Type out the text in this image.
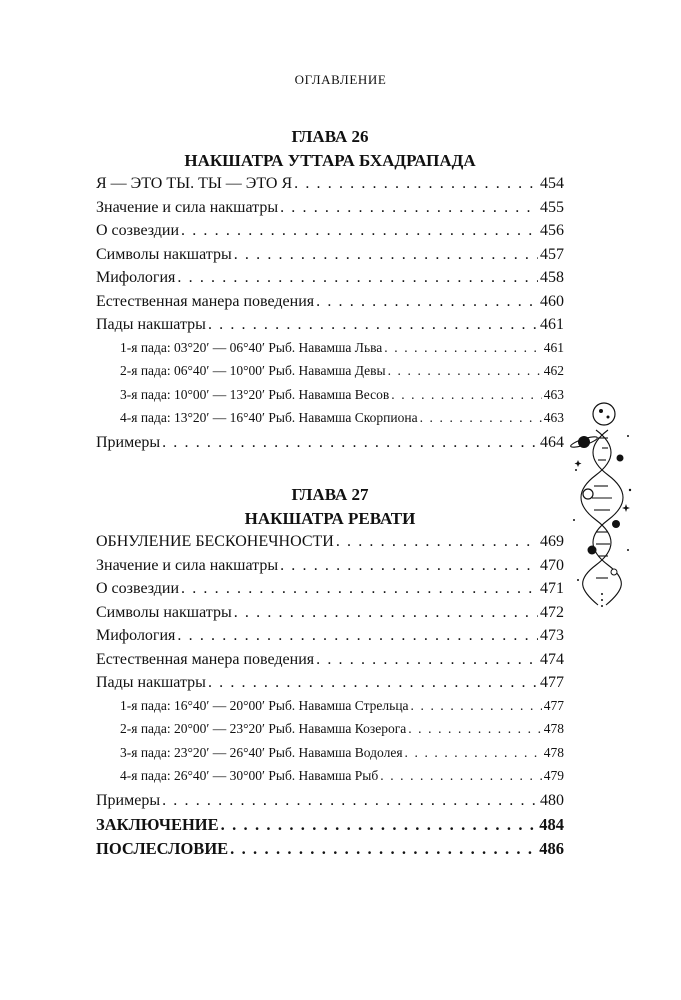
ОГЛАВЛЕНИЕ
ГЛАВА 26
НАКШАТРА УТТАРА БХАДРАПАДА
Я — ЭТО ТЫ. ТЫ — ЭТО Я . . .	454
Значение и сила накшатры . . .	455
О созвездии . . .	456
Символы накшатры . . .	457
Мифология . . .	458
Естественная манера поведения . . .	460
Пады накшатры . . .	461
1-я пада: 03°20′ — 06°40′ Рыб. Навамша Льва . . .	461
2-я пада: 06°40′ — 10°00′ Рыб. Навамша Девы . . .	462
3-я пада: 10°00′ — 13°20′ Рыб. Навамша Весов . . .	463
4-я пада: 13°20′ — 16°40′ Рыб. Навамша Скорпиона . . .	463
Примеры . . .	464
ГЛАВА 27
НАКШАТРА РЕВАТИ
ОБНУЛЕНИЕ БЕСКОНЕЧНОСТИ . . .	469
Значение и сила накшатры . . .	470
О созвездии . . .	471
Символы накшатры . . .	472
Мифология . . .	473
Естественная манера поведения . . .	474
Пады накшатры . . .	477
1-я пада: 16°40′ — 20°00′ Рыб. Навамша Стрельца . . .	477
2-я пада: 20°00′ — 23°20′ Рыб. Навамша Козерога . . .	478
3-я пада: 23°20′ — 26°40′ Рыб. Навамша Водолея . . .	478
4-я пада: 26°40′ — 30°00′ Рыб. Навамша Рыб . . .	479
Примеры . . .	480
ЗАКЛЮЧЕНИЕ . . .	484
ПОСЛЕСЛОВИЕ . . .	486
